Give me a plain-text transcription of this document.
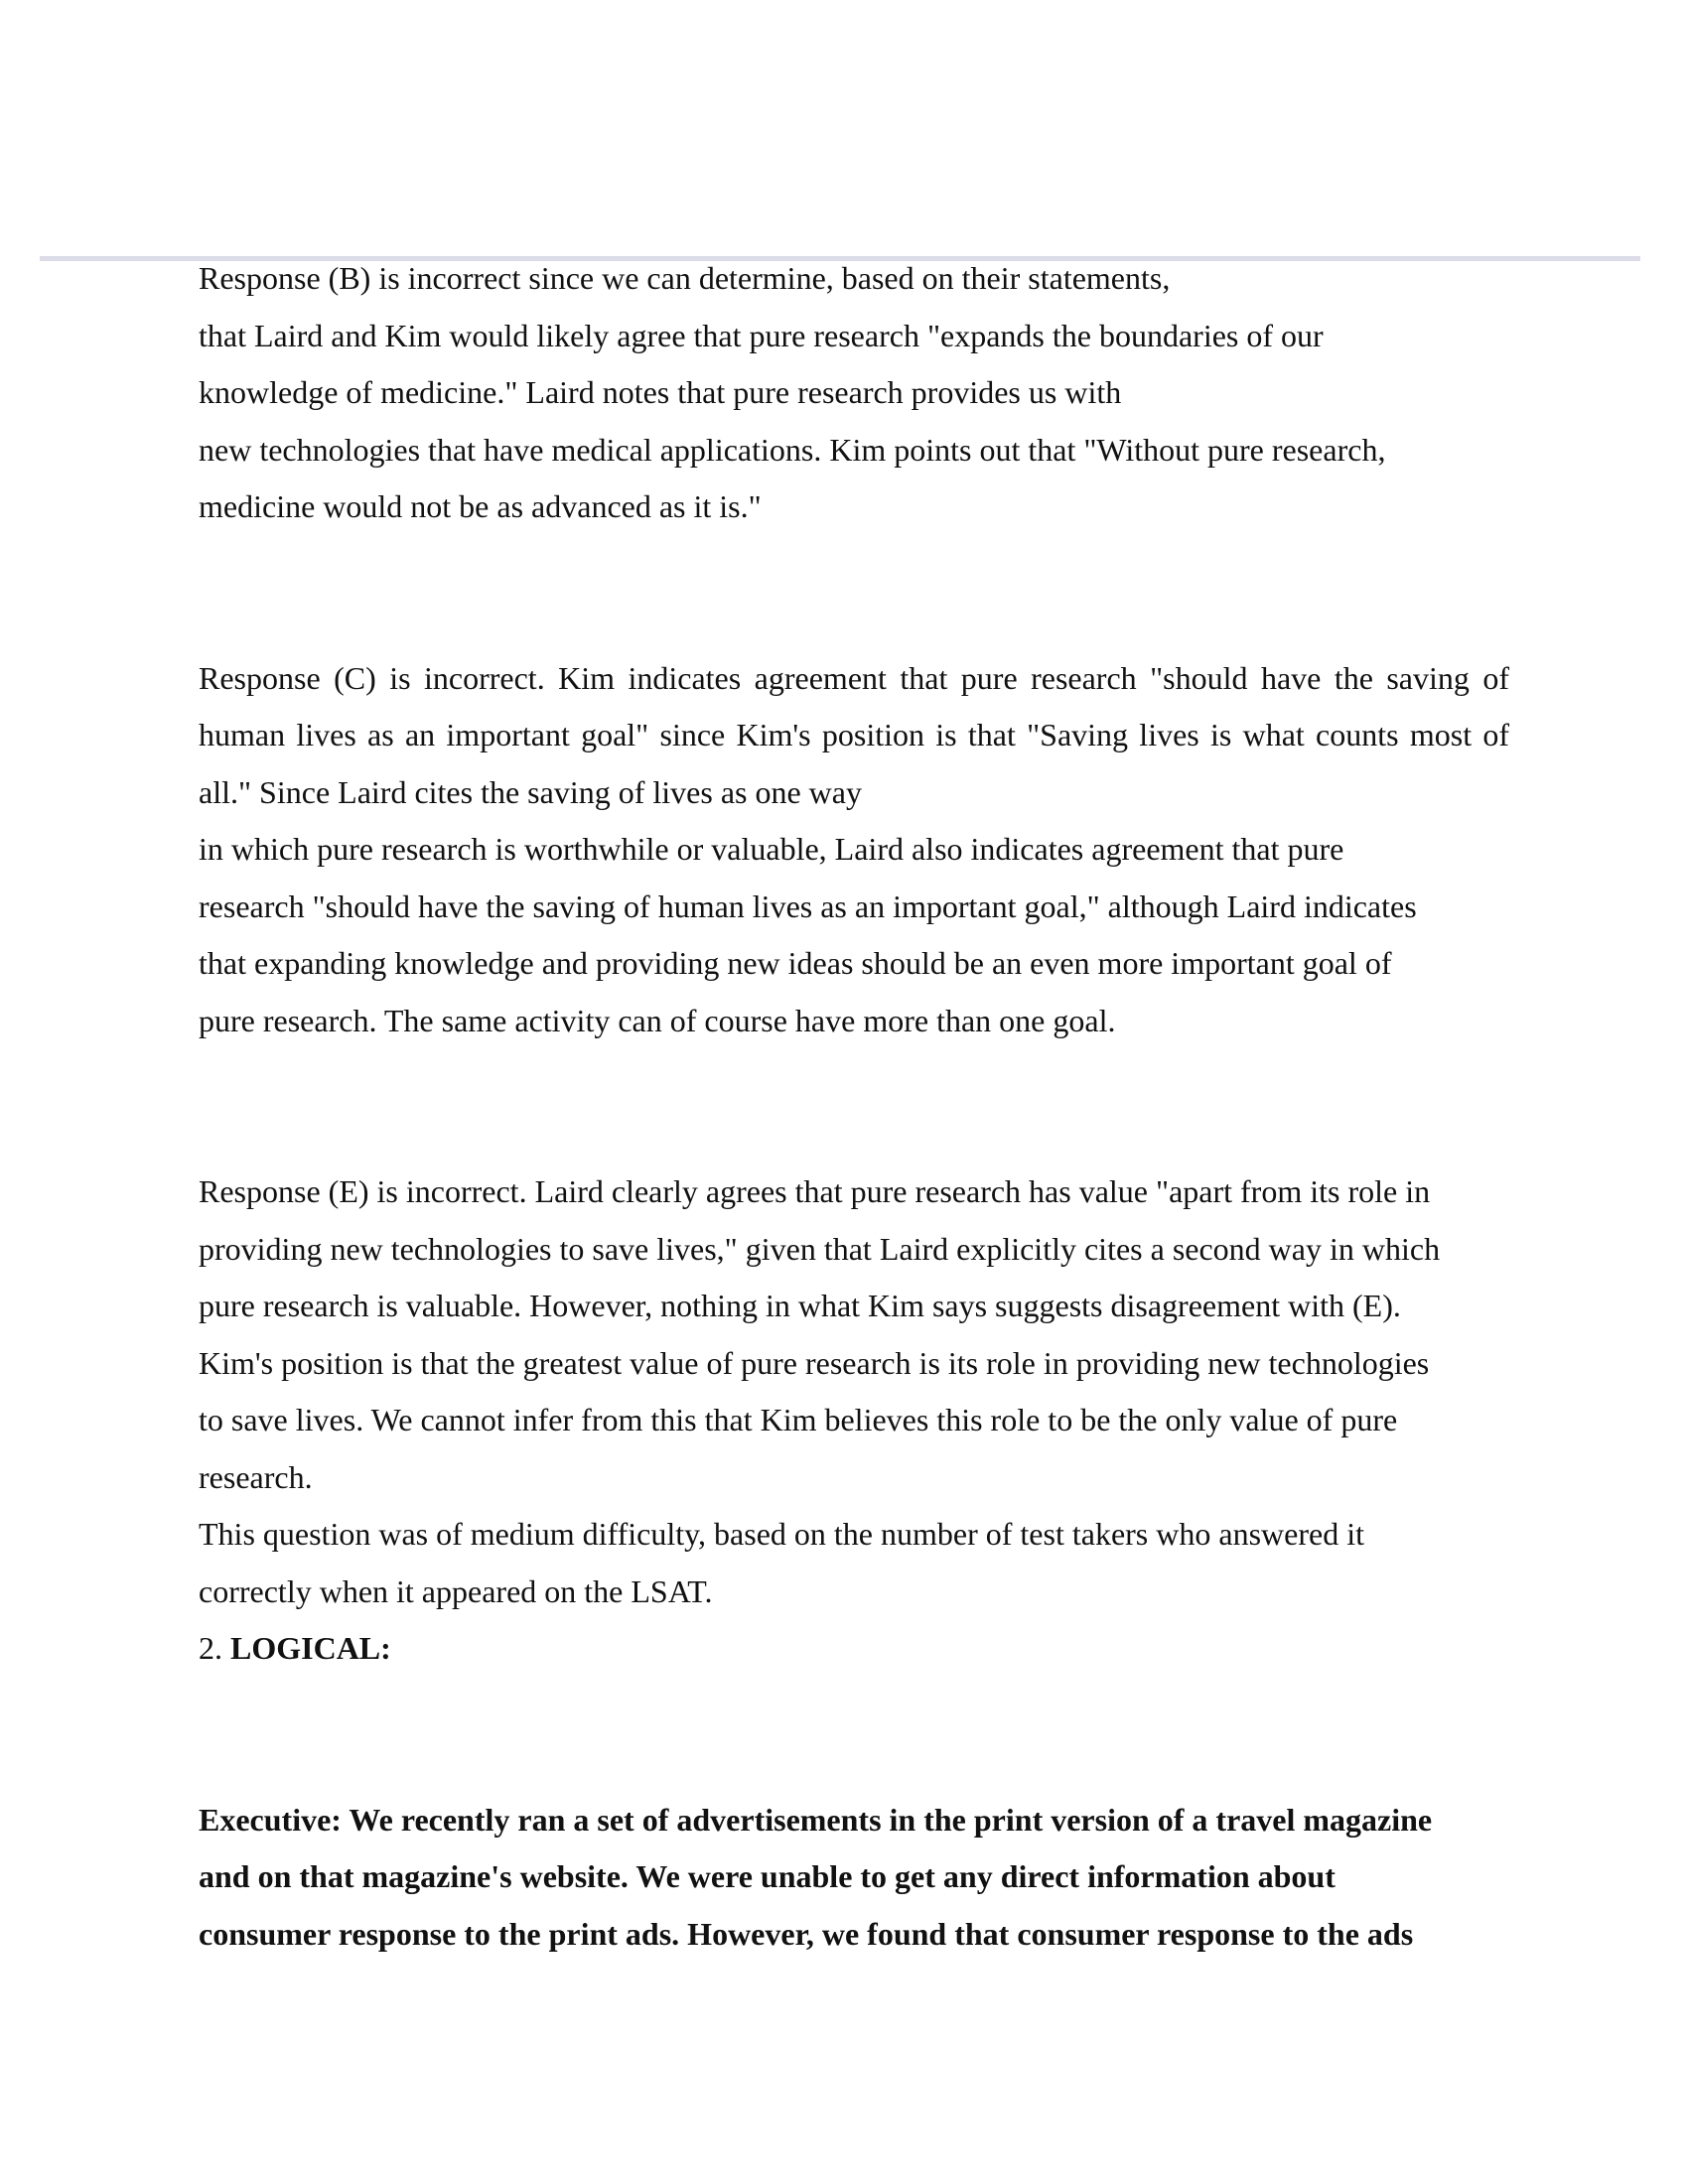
Response (B) is incorrect since we can determine, based on their statements,
that Laird and Kim would likely agree that pure research "expands the boundaries of our
knowledge of medicine." Laird notes that pure research provides us with
new technologies that have medical applications. Kim points out that "Without pure research,
medicine would not be as advanced as it is."
Response (C) is incorrect. Kim indicates agreement that pure research "should have the saving of
human lives as an important goal" since Kim's position is that "Saving lives is what counts most of
all." Since Laird cites the saving of lives as one way
in which pure research is worthwhile or valuable, Laird also indicates agreement that pure
research "should have the saving of human lives as an important goal," although Laird indicates
that expanding knowledge and providing new ideas should be an even more important goal of
pure research. The same activity can of course have more than one goal.
Response (E) is incorrect. Laird clearly agrees that pure research has value "apart from its role in
providing new technologies to save lives," given that Laird explicitly cites a second way in which
pure research is valuable. However, nothing in what Kim says suggests disagreement with (E).
Kim's position is that the greatest value of pure research is its role in providing new technologies
to save lives. We cannot infer from this that Kim believes this role to be the only value of pure
research.
This question was of medium difficulty, based on the number of test takers who answered it
correctly when it appeared on the LSAT.
2. LOGICAL:
Executive: We recently ran a set of advertisements in the print version of a travel magazine
and on that magazine's website. We were unable to get any direct information about
consumer response to the print ads. However, we found that consumer response to the ads
